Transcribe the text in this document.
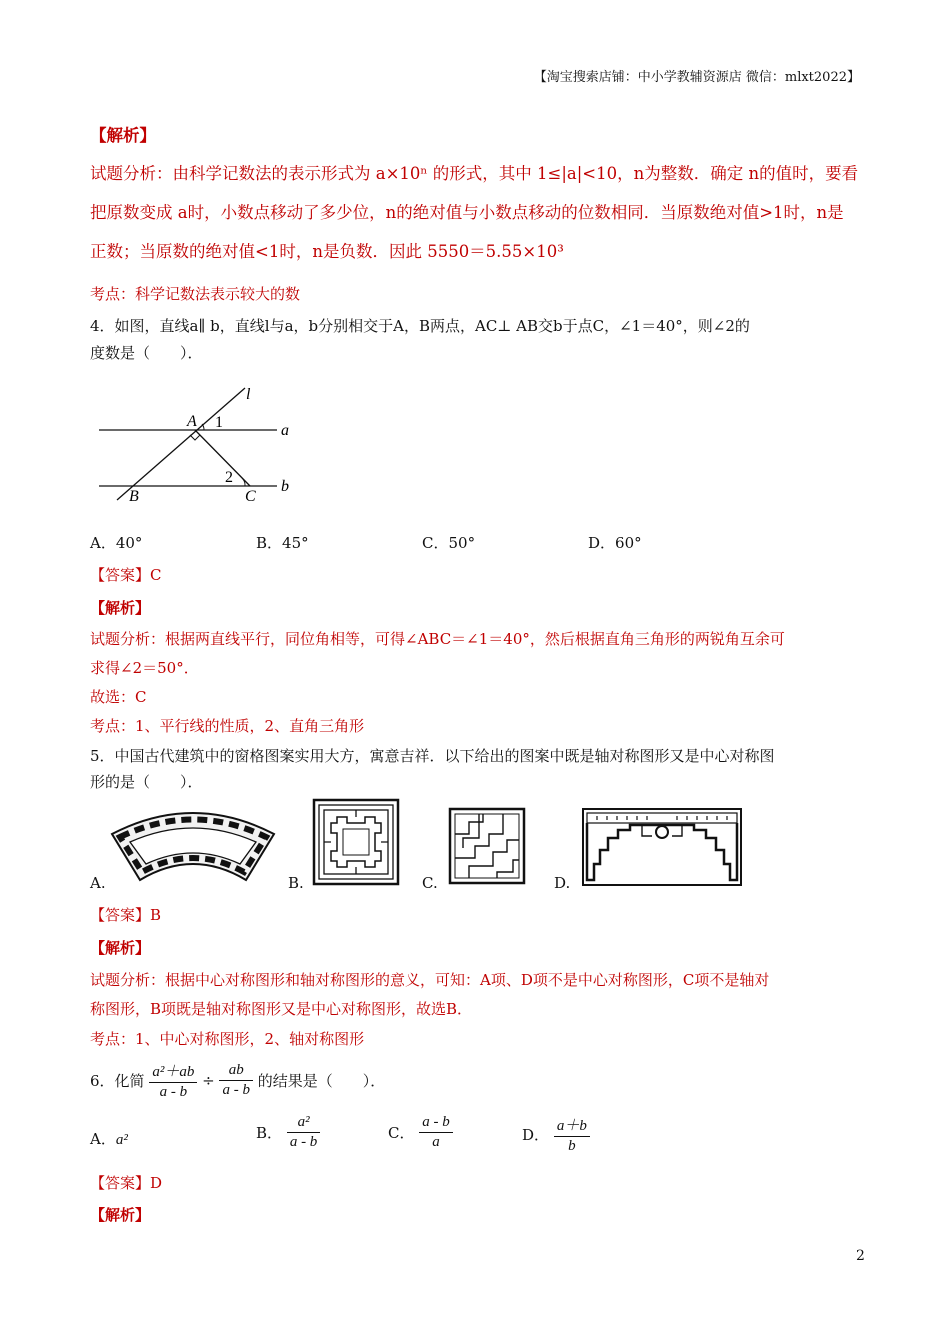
【淘宝搜索店铺：中小学教辅资源店 微信：mlxt2022】
【解析】
试题分析：由科学记数法的表示形式为 a×10ⁿ 的形式，其中 1≤|a|<10，n为整数．确定 n的值时，要看
把原数变成 a时，小数点移动了多少位，n的绝对值与小数点移动的位数相同．当原数绝对值>1时，n是
正数；当原数的绝对值<1时，n是负数．因此 5550＝5.55×10³
考点：科学记数法表示较大的数
4．如图，直线a∥ b，直线l与a，b分别相交于A，B两点，AC⊥ AB交b于点C，∠1＝40°，则∠2的
度数是（　　）．
l
a
b
A
B	C
1
2
A．40°	B．45°	C．50°	D．60°
【答案】C
【解析】
试题分析：根据两直线平行，同位角相等，可得∠ABC＝∠1＝40°，然后根据直角三角形的两锐角互余可
求得∠2＝50°．
故选：C
考点：1、平行线的性质，2、直角三角形
5．中国古代建筑中的窗格图案实用大方，寓意吉祥．以下给出的图案中既是轴对称图形又是中心对称图
形的是（　　）．
A.	B.	C.	D.
【答案】B
【解析】
试题分析：根据中心对称图形和轴对称图形的意义，可知：A项、D项不是中心对称图形，C项不是轴对
称图形，B项既是轴对称图形又是中心对称图形，故选B．
考点：1、中心对称图形，2、轴对称图形
6．化简 $\frac{\text{a²＋ab}}{a - b} \div \frac{ab}{a - b}$ 的结果是（　　）．
A．a²	B． $\frac{\text{a²}}{a - b}$	C． $\frac{a - b}{a}$	D． $\frac{a+b}{b}$
【答案】D
【解析】
2
